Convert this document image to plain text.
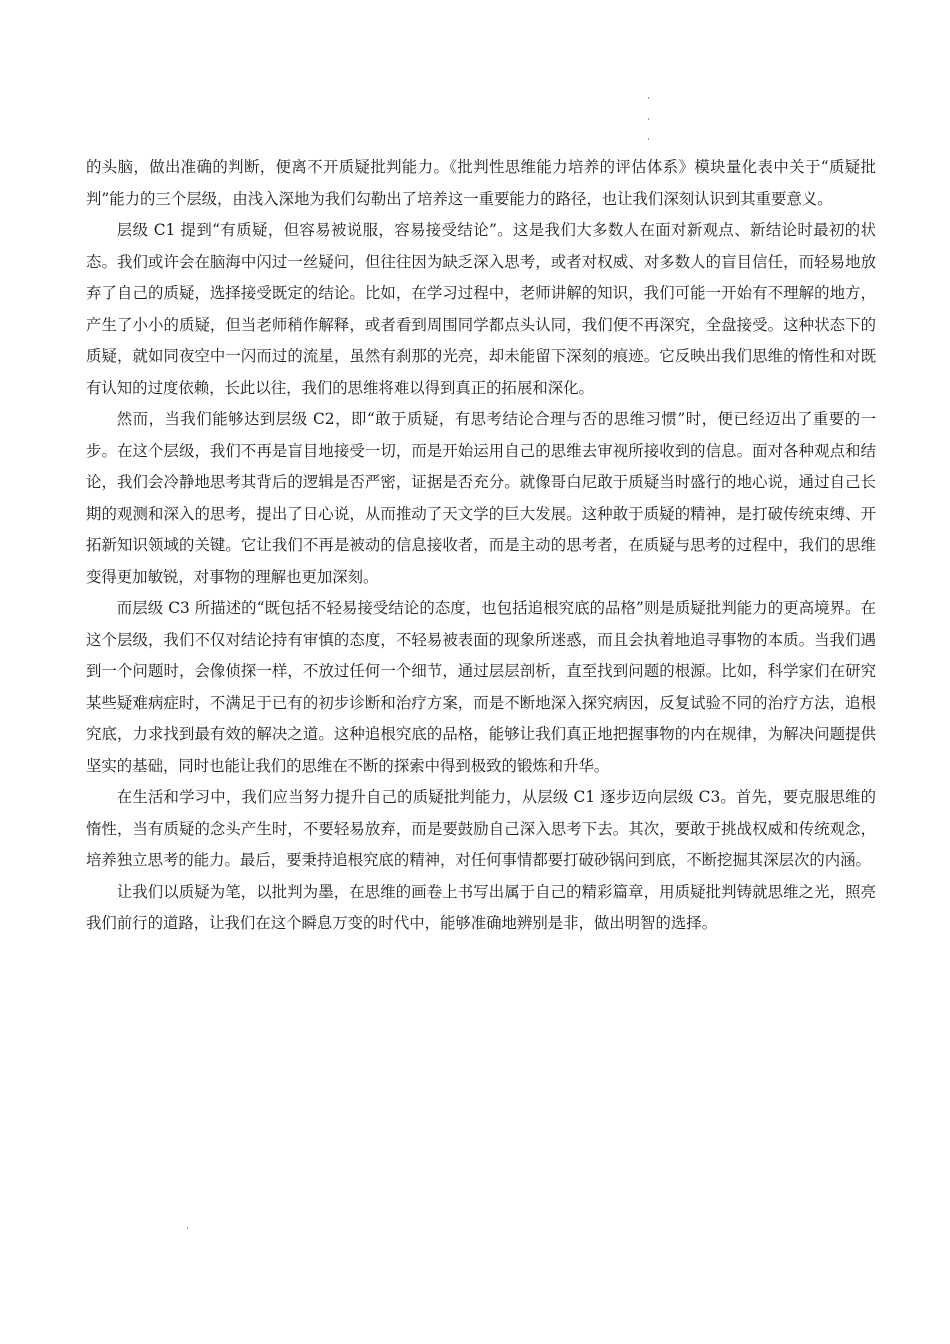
的头脑，做出准确的判断，便离不开质疑批判能力。《批判性思维能力培养的评估体系》模块量化表中关于“质疑批判”能力的三个层级，由浅入深地为我们勾勒出了培养这一重要能力的路径，也让我们深刻认识到其重要意义。

层级 C1 提到“有质疑，但容易被说服，容易接受结论”。这是我们大多数人在面对新观点、新结论时最初的状态。我们或许会在脑海中闪过一丝疑问，但往往因为缺乏深入思考，或者对权威、对多数人的盲目信任，而轻易地放弃了自己的质疑，选择接受既定的结论。比如，在学习过程中，老师讲解的知识，我们可能一开始有不理解的地方，产生了小小的质疑，但当老师稍作解释，或者看到周围同学都点头认同，我们便不再深究，全盘接受。这种状态下的质疑，就如同夜空中一闪而过的流星，虽然有刹那的光亮，却未能留下深刻的痕迹。它反映出我们思维的惰性和对既有认知的过度依赖，长此以往，我们的思维将难以得到真正的拓展和深化。

然而，当我们能够达到层级 C2，即“敢于质疑，有思考结论合理与否的思维习惯”时，便已经迈出了重要的一步。在这个层级，我们不再是盲目地接受一切，而是开始运用自己的思维去审视所接收到的信息。面对各种观点和结论，我们会冷静地思考其背后的逻辑是否严密，证据是否充分。就像哥白尼敢于质疑当时盛行的地心说，通过自己长期的观测和深入的思考，提出了日心说，从而推动了天文学的巨大发展。这种敢于质疑的精神，是打破传统束缚、开拓新知识领域的关键。它让我们不再是被动的信息接收者，而是主动的思考者，在质疑与思考的过程中，我们的思维变得更加敏锐，对事物的理解也更加深刻。

而层级 C3 所描述的“既包括不轻易接受结论的态度，也包括追根究底的品格”则是质疑批判能力的更高境界。在这个层级，我们不仅对结论持有审慎的态度，不轻易被表面的现象所迷惑，而且会执着地追寻事物的本质。当我们遇到一个问题时，会像侦探一样，不放过任何一个细节，通过层层剖析，直至找到问题的根源。比如，科学家们在研究某些疑难病症时，不满足于已有的初步诊断和治疗方案，而是不断地深入探究病因，反复试验不同的治疗方法，追根究底，力求找到最有效的解决之道。这种追根究底的品格，能够让我们真正地把握事物的内在规律，为解决问题提供坚实的基础，同时也能让我们的思维在不断的探索中得到极致的锻炼和升华。

在生活和学习中，我们应当努力提升自己的质疑批判能力，从层级 C1 逐步迈向层级 C3。首先，要克服思维的惰性，当有质疑的念头产生时，不要轻易放弃，而是要鼓励自己深入思考下去。其次，要敢于挑战权威和传统观念，培养独立思考的能力。最后，要秉持追根究底的精神，对任何事情都要打破砂锅问到底，不断挖掘其深层次的内涵。

让我们以质疑为笔，以批判为墨，在思维的画卷上书写出属于自己的精彩篇章，用质疑批判铸就思维之光，照亮我们前行的道路，让我们在这个瞬息万变的时代中，能够准确地辨别是非，做出明智的选择。
